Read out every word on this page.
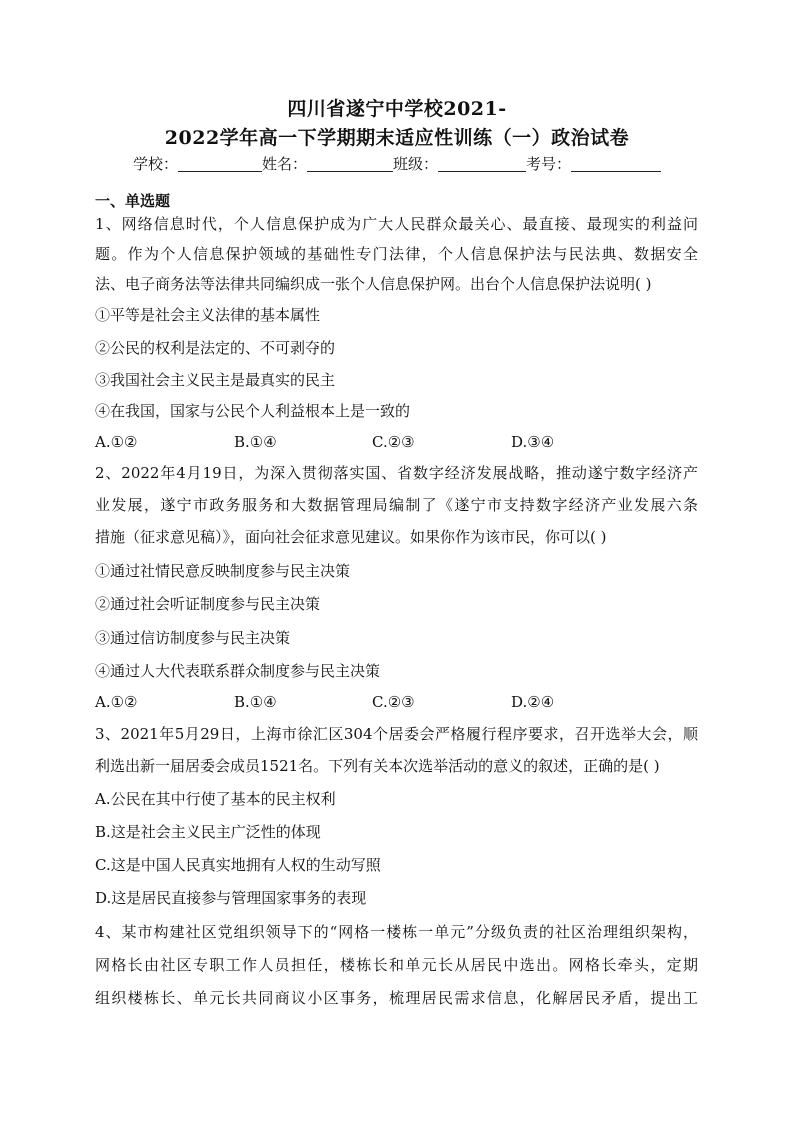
四川省遂宁中学校2021-
2022学年高一下学期期末适应性训练（一）政治试卷
学校：	姓名：	班级：	考号：
一、单选题
1、网络信息时代，个人信息保护成为广大人民群众最关心、最直接、最现实的利益问
题。作为个人信息保护领域的基础性专门法律，个人信息保护法与民法典、数据安全
法、电子商务法等法律共同编织成一张个人信息保护网。出台个人信息保护法说明( )
①平等是社会主义法律的基本属性
②公民的权利是法定的、不可剥夺的
③我国社会主义民主是最真实的民主
④在我国，国家与公民个人利益根本上是一致的
A.①②	B.①④	C.②③	D.③④
2、2022年4月19日，为深入贯彻落实国、省数字经济发展战略，推动遂宁数字经济产
业发展，遂宁市政务服务和大数据管理局编制了《遂宁市支持数字经济产业发展六条
措施（征求意见稿）》，面向社会征求意见建议。如果你作为该市民，你可以( )
①通过社情民意反映制度参与民主决策
②通过社会听证制度参与民主决策
③通过信访制度参与民主决策
④通过人大代表联系群众制度参与民主决策
A.①②	B.①④	C.②③	D.②④
3、2021年5月29日，上海市徐汇区304个居委会严格履行程序要求，召开选举大会，顺
利选出新一届居委会成员1521名。下列有关本次选举活动的意义的叙述，正确的是( )
A.公民在其中行使了基本的民主权利
B.这是社会主义民主广泛性的体现
C.这是中国人民真实地拥有人权的生动写照
D.这是居民直接参与管理国家事务的表现
4、某市构建社区党组织领导下的“网格一楼栋一单元”分级负责的社区治理组织架构，
网格长由社区专职工作人员担任，楼栋长和单元长从居民中选出。网格长牵头，定期
组织楼栋长、单元长共同商议小区事务，梳理居民需求信息，化解居民矛盾，提出工
